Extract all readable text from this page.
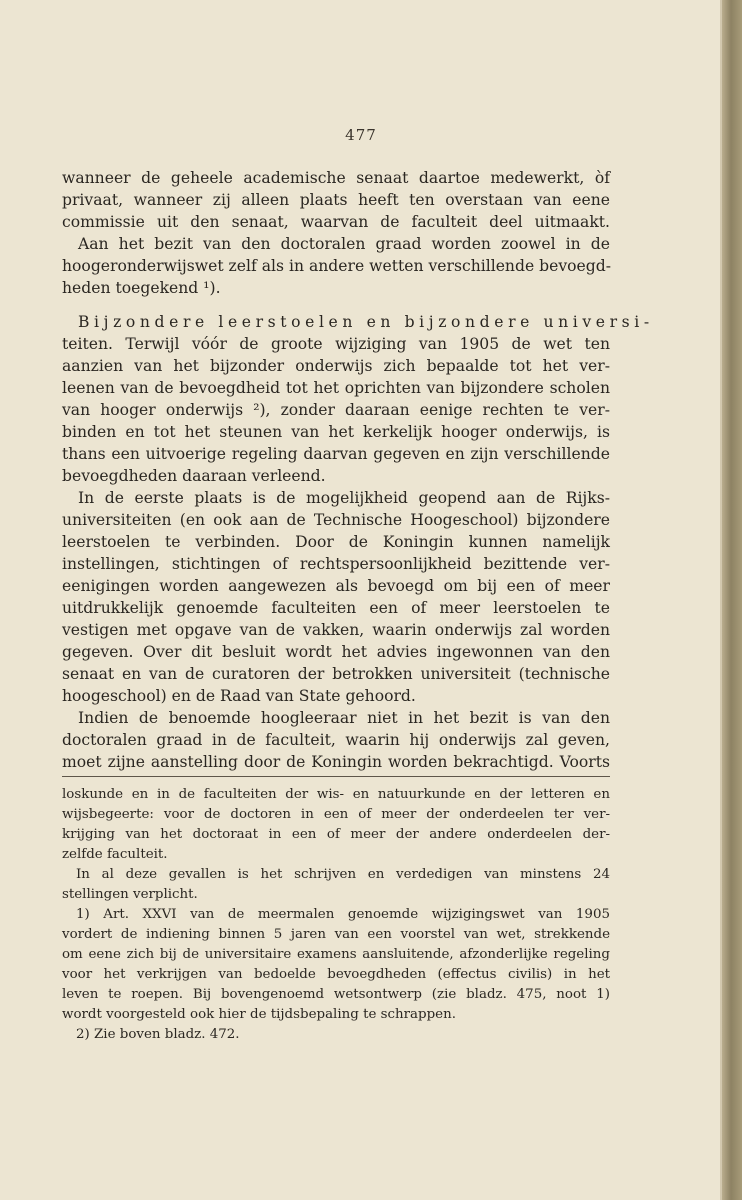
477
wanneer de geheele academische senaat daartoe medewerkt, òf
privaat, wanneer zij alleen plaats heeft ten overstaan van eene
commissie uit den senaat, waarvan de faculteit deel uitmaakt.
Aan het bezit van den doctoralen graad worden zoowel in de
hoogeronderwijswet zelf als in andere wetten verschillende bevoegd-
heden toegekend ¹).
Bijzondere leerstoelen en bijzondere universi-
teiten. Terwijl vóór de groote wijziging van 1905 de wet ten
aanzien van het bijzonder onderwijs zich bepaalde tot het ver-
leenen van de bevoegdheid tot het oprichten van bijzondere scholen
van hooger onderwijs ²), zonder daaraan eenige rechten te ver-
binden en tot het steunen van het kerkelijk hooger onderwijs, is
thans een uitvoerige regeling daarvan gegeven en zijn verschillende
bevoegdheden daaraan verleend.
In de eerste plaats is de mogelijkheid geopend aan de Rijks-
universiteiten (en ook aan de Technische Hoogeschool) bijzondere
leerstoelen te verbinden. Door de Koningin kunnen namelijk
instellingen, stichtingen of rechtspersoonlijkheid bezittende ver-
eenigingen worden aangewezen als bevoegd om bij een of meer
uitdrukkelijk genoemde faculteiten een of meer leerstoelen te
vestigen met opgave van de vakken, waarin onderwijs zal worden
gegeven. Over dit besluit wordt het advies ingewonnen van den
senaat en van de curatoren der betrokken universiteit (technische
hoogeschool) en de Raad van State gehoord.
Indien de benoemde hoogleeraar niet in het bezit is van den
doctoralen graad in de faculteit, waarin hij onderwijs zal geven,
moet zijne aanstelling door de Koningin worden bekrachtigd. Voorts
loskunde en in de faculteiten der wis- en natuurkunde en der letteren en
wijsbegeerte: voor de doctoren in een of meer der onderdeelen ter ver-
krijging van het doctoraat in een of meer der andere onderdeelen der-
zelfde faculteit.
In al deze gevallen is het schrijven en verdedigen van minstens 24
stellingen verplicht.
1) Art. XXVI van de meermalen genoemde wijzigingswet van 1905
vordert de indiening binnen 5 jaren van een voorstel van wet, strekkende
om eene zich bij de universitaire examens aansluitende, afzonderlijke regeling
voor het verkrijgen van bedoelde bevoegdheden (effectus civilis) in het
leven te roepen. Bij bovengenoemd wetsontwerp (zie bladz. 475, noot 1)
wordt voorgesteld ook hier de tijdsbepaling te schrappen.
2) Zie boven bladz. 472.
